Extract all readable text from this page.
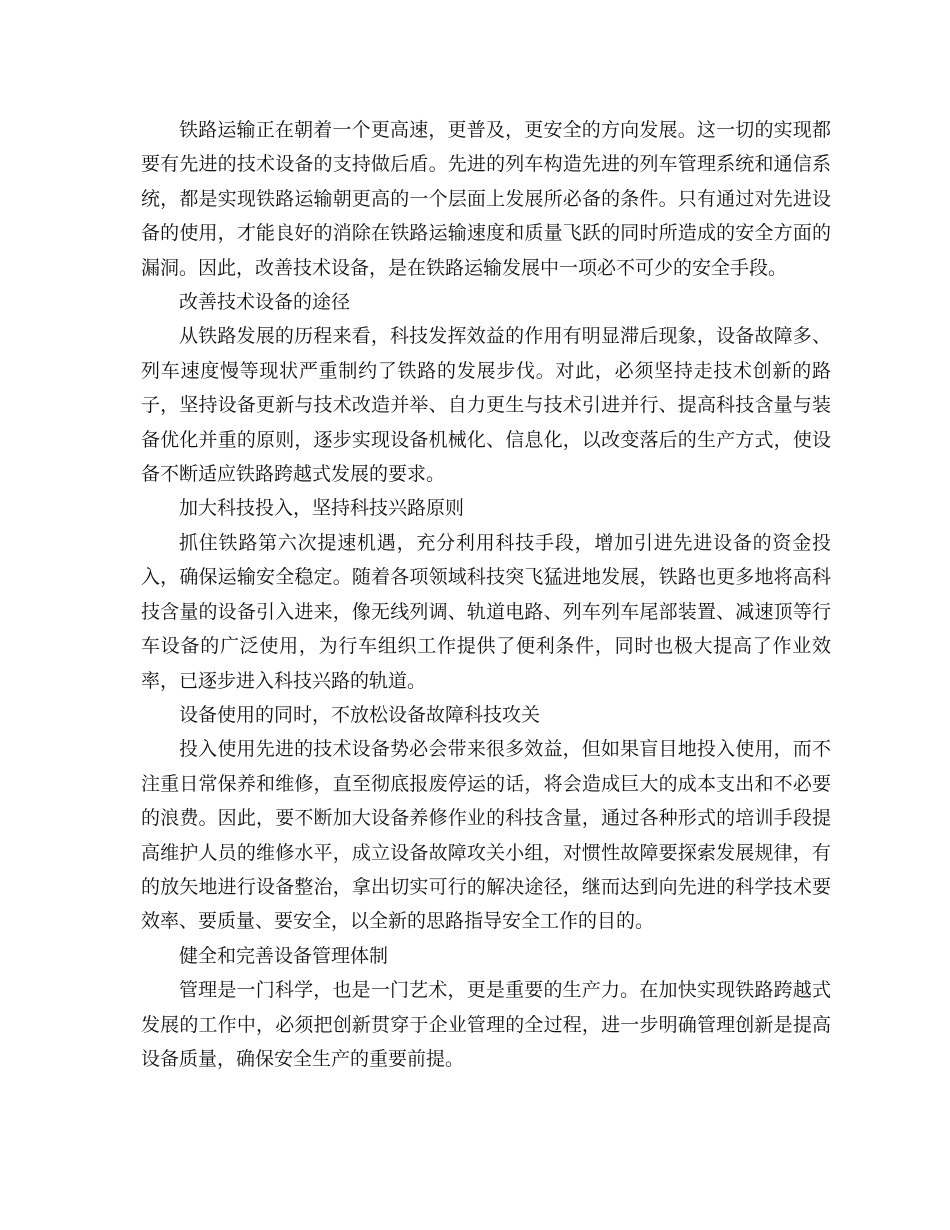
铁路运输正在朝着一个更高速，更普及，更安全的方向发展。这一切的实现都要有先进的技术设备的支持做后盾。先进的列车构造先进的列车管理系统和通信系统，都是实现铁路运输朝更高的一个层面上发展所必备的条件。只有通过对先进设备的使用，才能良好的消除在铁路运输速度和质量飞跃的同时所造成的安全方面的漏洞。因此，改善技术设备，是在铁路运输发展中一项必不可少的安全手段。

改善技术设备的途径

从铁路发展的历程来看，科技发挥效益的作用有明显滞后现象，设备故障多、列车速度慢等现状严重制约了铁路的发展步伐。对此，必须坚持走技术创新的路子，坚持设备更新与技术改造并举、自力更生与技术引进并行、提高科技含量与装备优化并重的原则，逐步实现设备机械化、信息化，以改变落后的生产方式，使设备不断适应铁路跨越式发展的要求。

加大科技投入，坚持科技兴路原则

抓住铁路第六次提速机遇，充分利用科技手段，增加引进先进设备的资金投入，确保运输安全稳定。随着各项领域科技突飞猛进地发展，铁路也更多地将高科技含量的设备引入进来，像无线列调、轨道电路、列车列车尾部装置、减速顶等行车设备的广泛使用，为行车组织工作提供了便利条件，同时也极大提高了作业效率，已逐步进入科技兴路的轨道。

设备使用的同时，不放松设备故障科技攻关

投入使用先进的技术设备势必会带来很多效益，但如果盲目地投入使用，而不注重日常保养和维修，直至彻底报废停运的话，将会造成巨大的成本支出和不必要的浪费。因此，要不断加大设备养修作业的科技含量，通过各种形式的培训手段提高维护人员的维修水平，成立设备故障攻关小组，对惯性故障要探索发展规律，有的放矢地进行设备整治，拿出切实可行的解决途径，继而达到向先进的科学技术要效率、要质量、要安全，以全新的思路指导安全工作的目的。

健全和完善设备管理体制

管理是一门科学，也是一门艺术，更是重要的生产力。在加快实现铁路跨越式发展的工作中，必须把创新贯穿于企业管理的全过程，进一步明确管理创新是提高设备质量，确保安全生产的重要前提。
